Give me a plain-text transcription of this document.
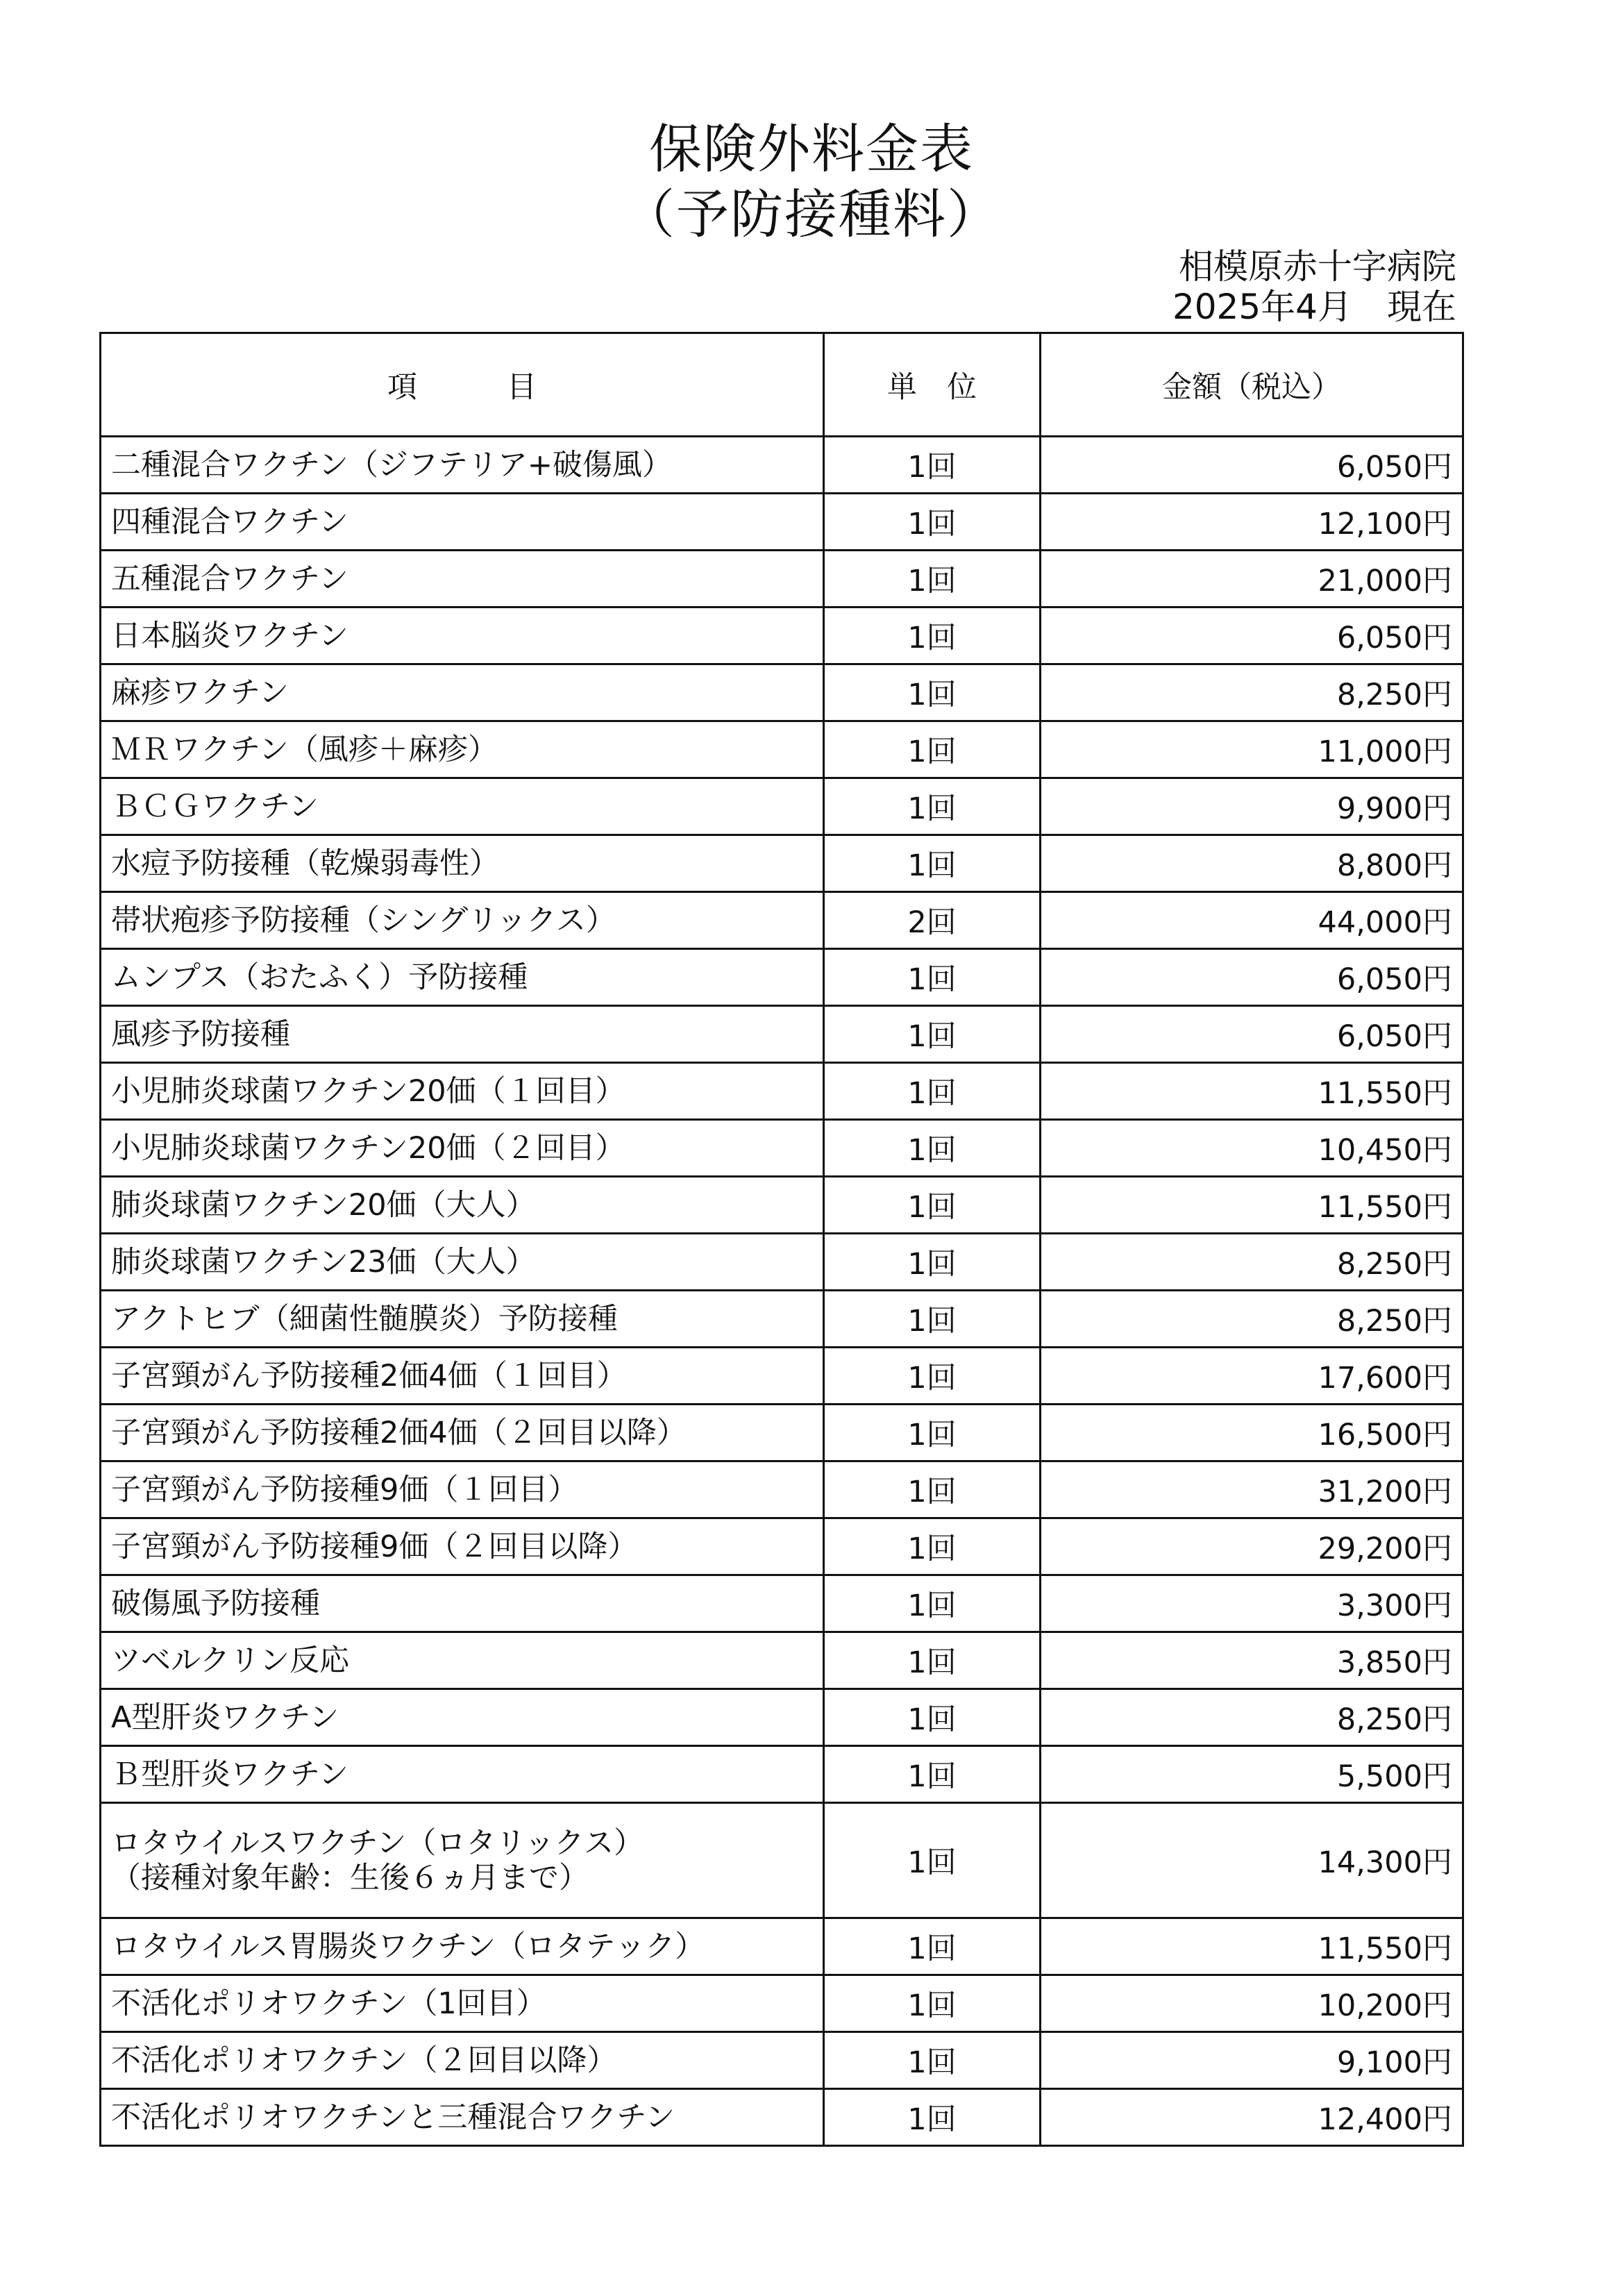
保険外料金表
（予防接種料）
相模原赤十字病院
2025年4月　現在
項　　　目	単　位	金額（税込）

二種混合ワクチン（ジフテリア+破傷風）	1回	6,050円

四種混合ワクチン	1回	12,100円

五種混合ワクチン	1回	21,000円

日本脳炎ワクチン	1回	6,050円

麻疹ワクチン	1回	8,250円

ＭＲワクチン（風疹＋麻疹）	1回	11,000円

ＢＣＧワクチン	1回	9,900円

水痘予防接種（乾燥弱毒性）	1回	8,800円

帯状疱疹予防接種（シングリックス）	2回	44,000円

ムンプス（おたふく）予防接種	1回	6,050円

風疹予防接種	1回	6,050円

小児肺炎球菌ワクチン20価（１回目）	1回	11,550円

小児肺炎球菌ワクチン20価（２回目）	1回	10,450円

肺炎球菌ワクチン20価（大人）	1回	11,550円

肺炎球菌ワクチン23価（大人）	1回	8,250円

アクトヒブ（細菌性髄膜炎）予防接種	1回	8,250円

子宮頸がん予防接種2価4価（１回目）	1回	17,600円

子宮頸がん予防接種2価4価（２回目以降）	1回	16,500円

子宮頸がん予防接種9価（１回目）	1回	31,200円

子宮頸がん予防接種9価（２回目以降）	1回	29,200円

破傷風予防接種	1回	3,300円

ツベルクリン反応	1回	3,850円

A型肝炎ワクチン	1回	8,250円

Ｂ型肝炎ワクチン	1回	5,500円

ロタウイルスワクチン（ロタリックス）
（接種対象年齢：生後６ヵ月まで）	1回	14,300円

ロタウイルス胃腸炎ワクチン（ロタテック）	1回	11,550円

不活化ポリオワクチン（1回目）	1回	10,200円

不活化ポリオワクチン（２回目以降）	1回	9,100円

不活化ポリオワクチンと三種混合ワクチン	1回	12,400円
